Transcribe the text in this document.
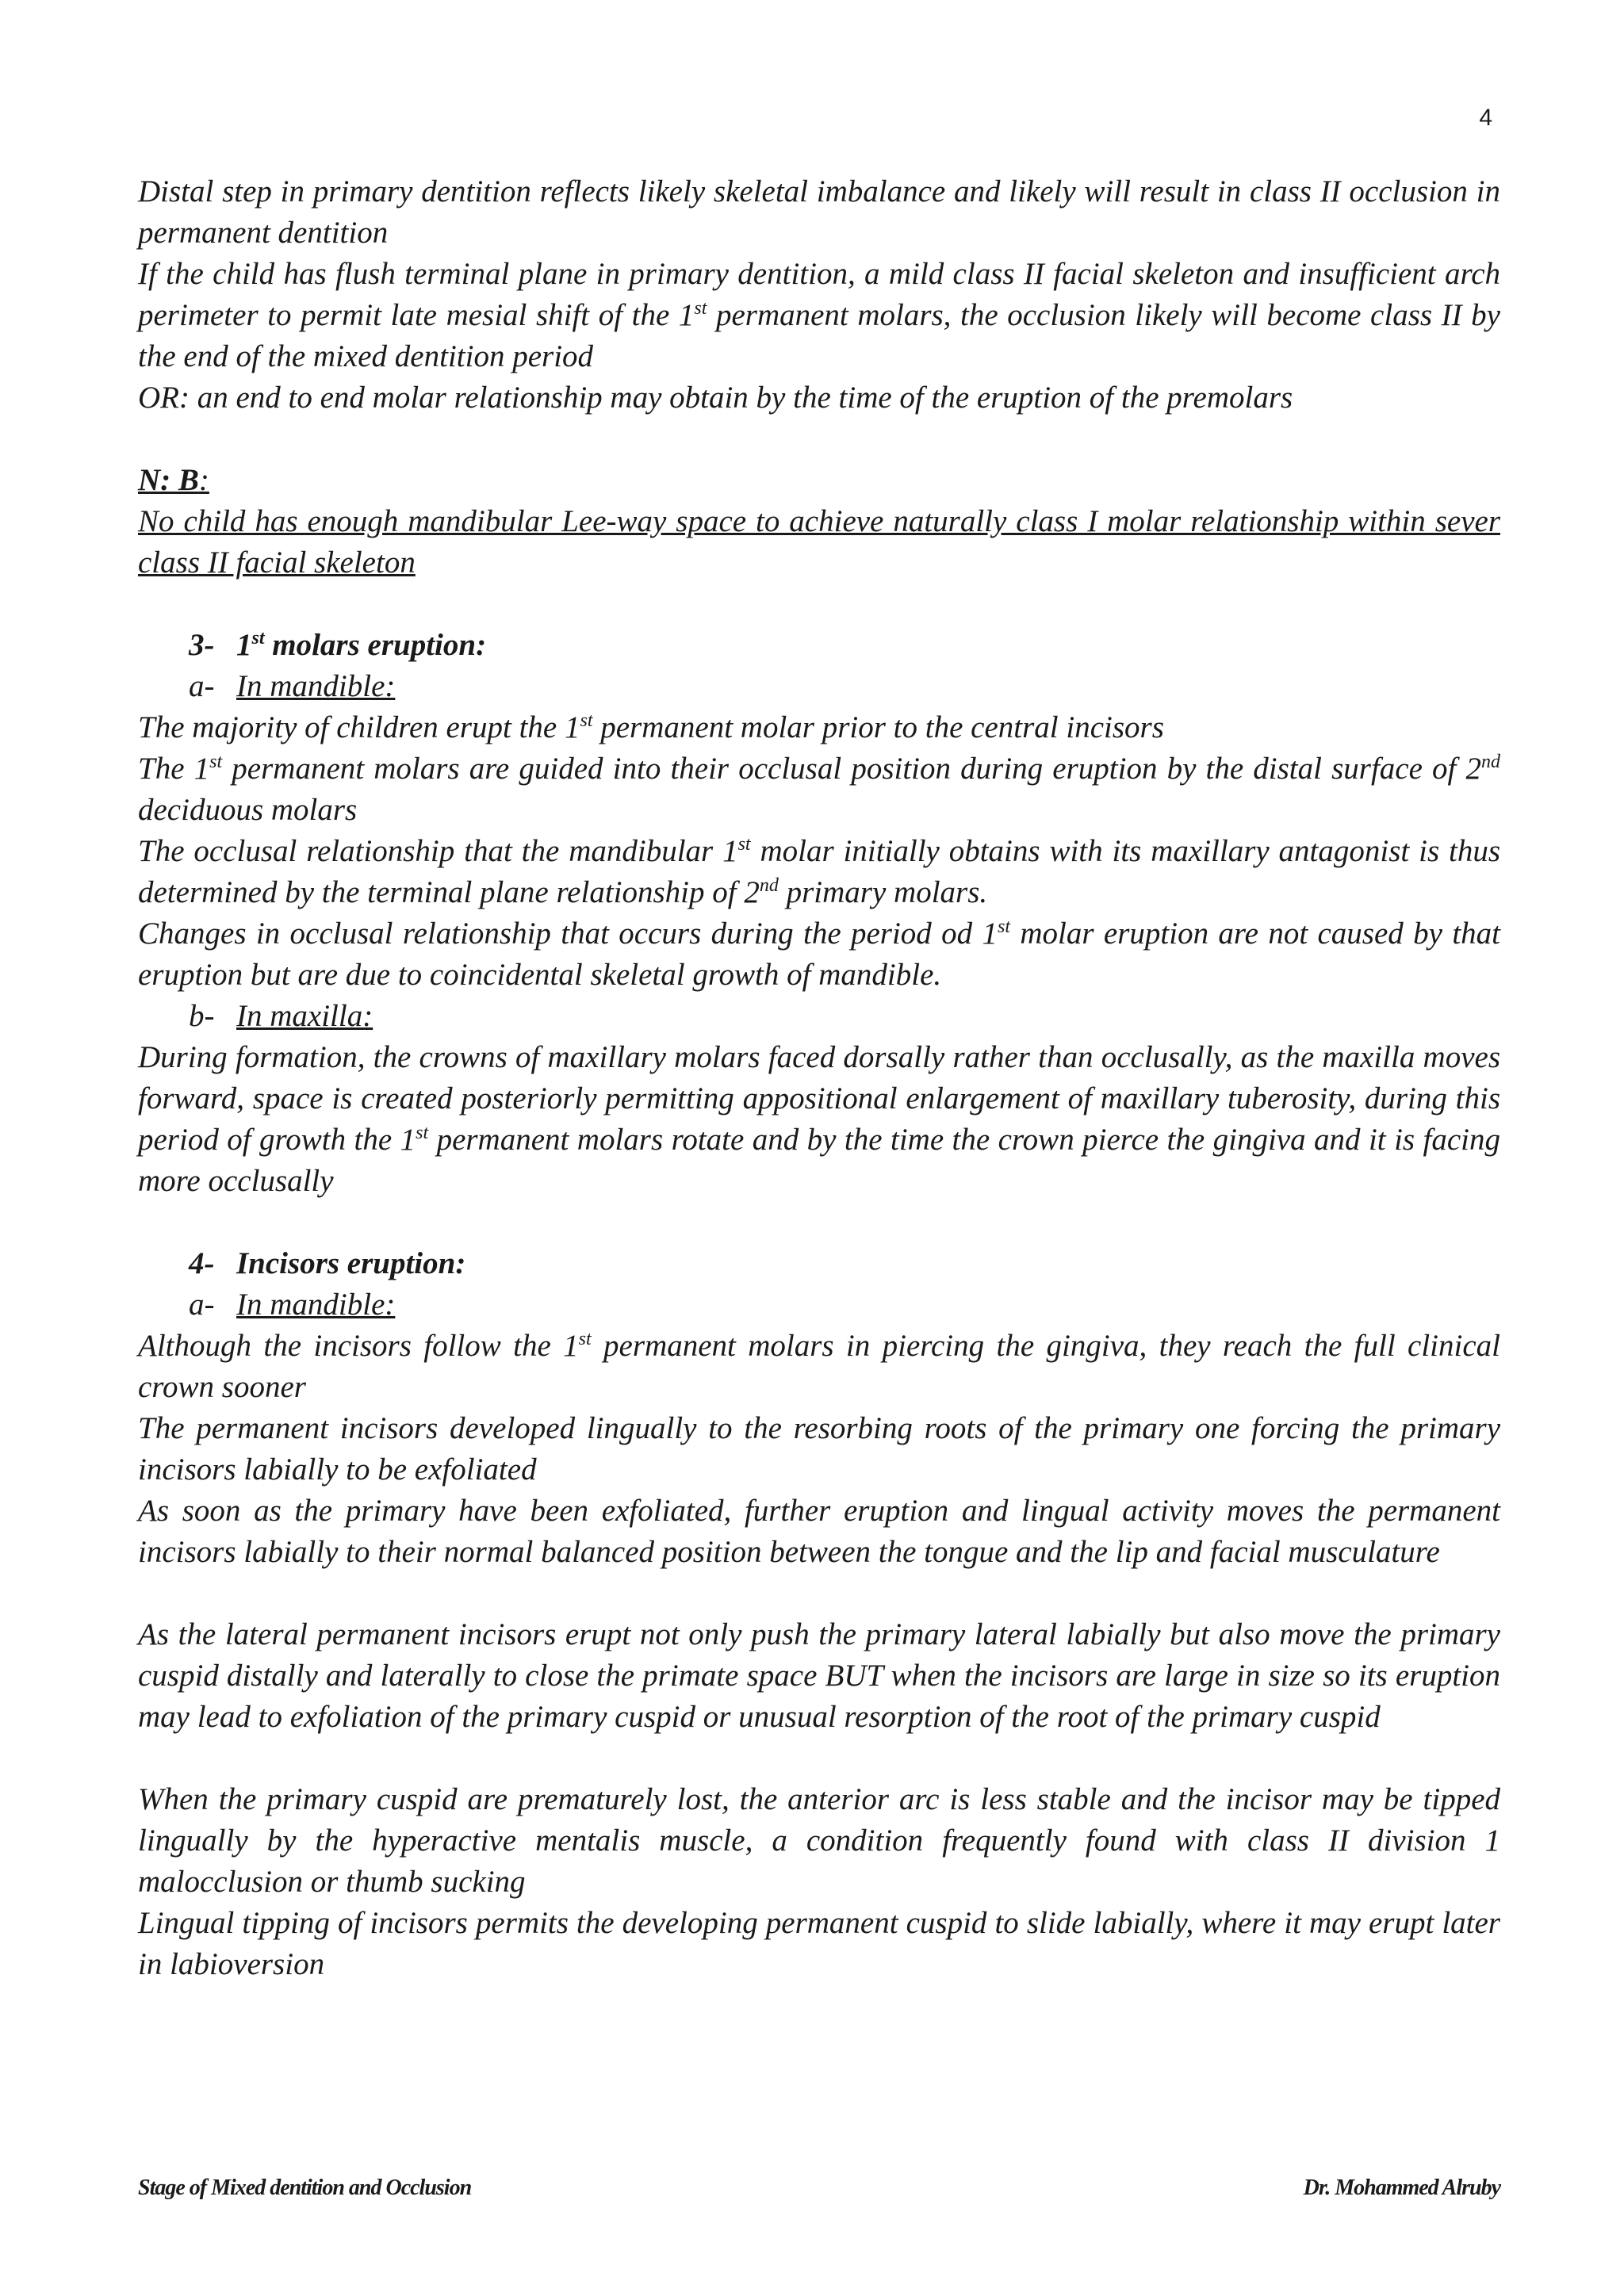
4

Distal step in primary dentition reflects likely skeletal imbalance and likely will result in class II occlusion in permanent dentition

If the child has flush terminal plane in primary dentition, a mild class II facial skeleton and insufficient arch perimeter to permit late mesial shift of the 1st permanent molars, the occlusion likely will become class II by the end of the mixed dentition period

OR: an end to end molar relationship may obtain by the time of the eruption of the premolars

N: B:

No child has enough mandibular Lee-way space to achieve naturally class I molar relationship within sever class II facial skeleton

3- 1st molars eruption:

a- In mandible:

The majority of children erupt the 1st permanent molar prior to the central incisors

The 1st permanent molars are guided into their occlusal position during eruption by the distal surface of 2nd deciduous molars

The occlusal relationship that the mandibular 1st molar initially obtains with its maxillary antagonist is thus determined by the terminal plane relationship of 2nd primary molars.

Changes in occlusal relationship that occurs during the period od 1st molar eruption are not caused by that eruption but are due to coincidental skeletal growth of mandible.

b- In maxilla:

During formation, the crowns of maxillary molars faced dorsally rather than occlusally, as the maxilla moves forward, space is created posteriorly permitting appositional enlargement of maxillary tuberosity, during this period of growth the 1st permanent molars rotate and by the time the crown pierce the gingiva and it is facing more occlusally

4- Incisors eruption:

a- In mandible:

Although the incisors follow the 1st permanent molars in piercing the gingiva, they reach the full clinical crown sooner

The permanent incisors developed lingually to the resorbing roots of the primary one forcing the primary incisors labially to be exfoliated

As soon as the primary have been exfoliated, further eruption and lingual activity moves the permanent incisors labially to their normal balanced position between the tongue and the lip and facial musculature

As the lateral permanent incisors erupt not only push the primary lateral labially but also move the primary cuspid distally and laterally to close the primate space BUT when the incisors are large in size so its eruption may lead to exfoliation of the primary cuspid or unusual resorption of the root of the primary cuspid

When the primary cuspid are prematurely lost, the anterior arc is less stable and the incisor may be tipped lingually by the hyperactive mentalis muscle, a condition frequently found with class II division 1 malocclusion or thumb sucking

Lingual tipping of incisors permits the developing permanent cuspid to slide labially, where it may erupt later in labioversion

Stage of Mixed dentition and Occlusion	Dr. Mohammed Alruby
